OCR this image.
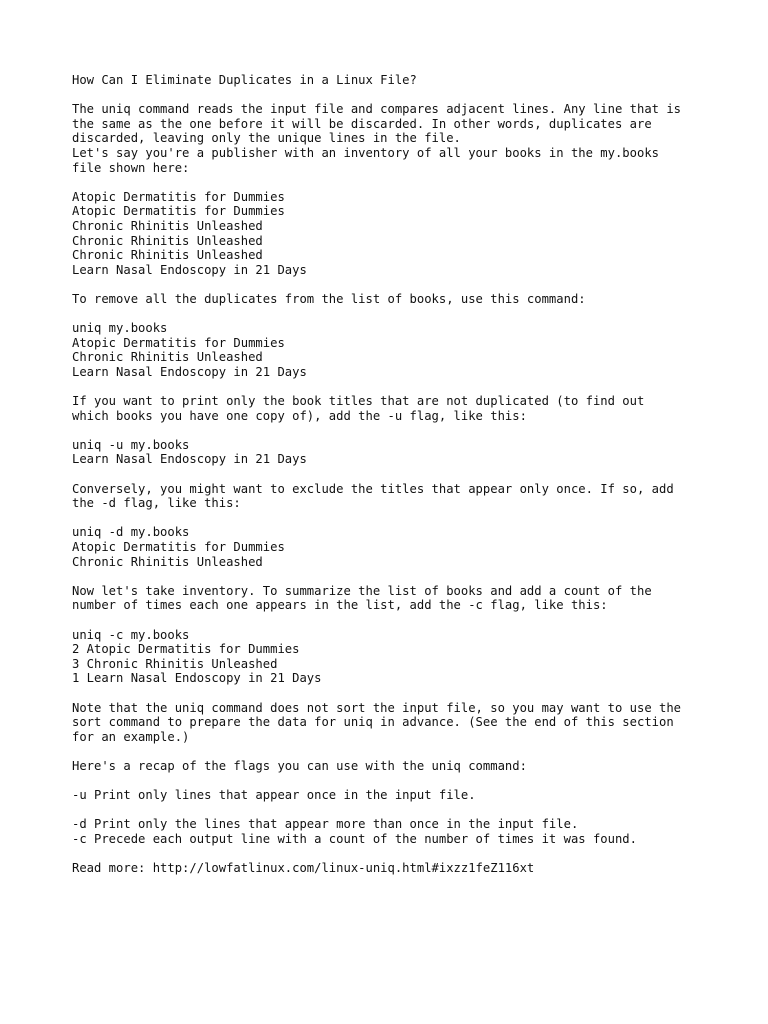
How Can I Eliminate Duplicates in a Linux File?
The uniq command reads the input file and compares adjacent lines. Any line that is
the same as the one before it will be discarded. In other words, duplicates are
discarded, leaving only the unique lines in the file.
Let's say you're a publisher with an inventory of all your books in the my.books
file shown here:
Atopic Dermatitis for Dummies
Atopic Dermatitis for Dummies
Chronic Rhinitis Unleashed
Chronic Rhinitis Unleashed
Chronic Rhinitis Unleashed
Learn Nasal Endoscopy in 21 Days
To remove all the duplicates from the list of books, use this command:
uniq my.books
Atopic Dermatitis for Dummies
Chronic Rhinitis Unleashed
Learn Nasal Endoscopy in 21 Days
If you want to print only the book titles that are not duplicated (to find out
which books you have one copy of), add the -u flag, like this:
uniq -u my.books
Learn Nasal Endoscopy in 21 Days
Conversely, you might want to exclude the titles that appear only once. If so, add
the -d flag, like this:
uniq -d my.books
Atopic Dermatitis for Dummies
Chronic Rhinitis Unleashed
Now let's take inventory. To summarize the list of books and add a count of the
number of times each one appears in the list, add the -c flag, like this:
uniq -c my.books
2 Atopic Dermatitis for Dummies
3 Chronic Rhinitis Unleashed
1 Learn Nasal Endoscopy in 21 Days
Note that the uniq command does not sort the input file, so you may want to use the
sort command to prepare the data for uniq in advance. (See the end of this section
for an example.)
Here's a recap of the flags you can use with the uniq command:
-u Print only lines that appear once in the input file.
-d Print only the lines that appear more than once in the input file.
-c Precede each output line with a count of the number of times it was found.
Read more: http://lowfatlinux.com/linux-uniq.html#ixzz1feZ116xt
